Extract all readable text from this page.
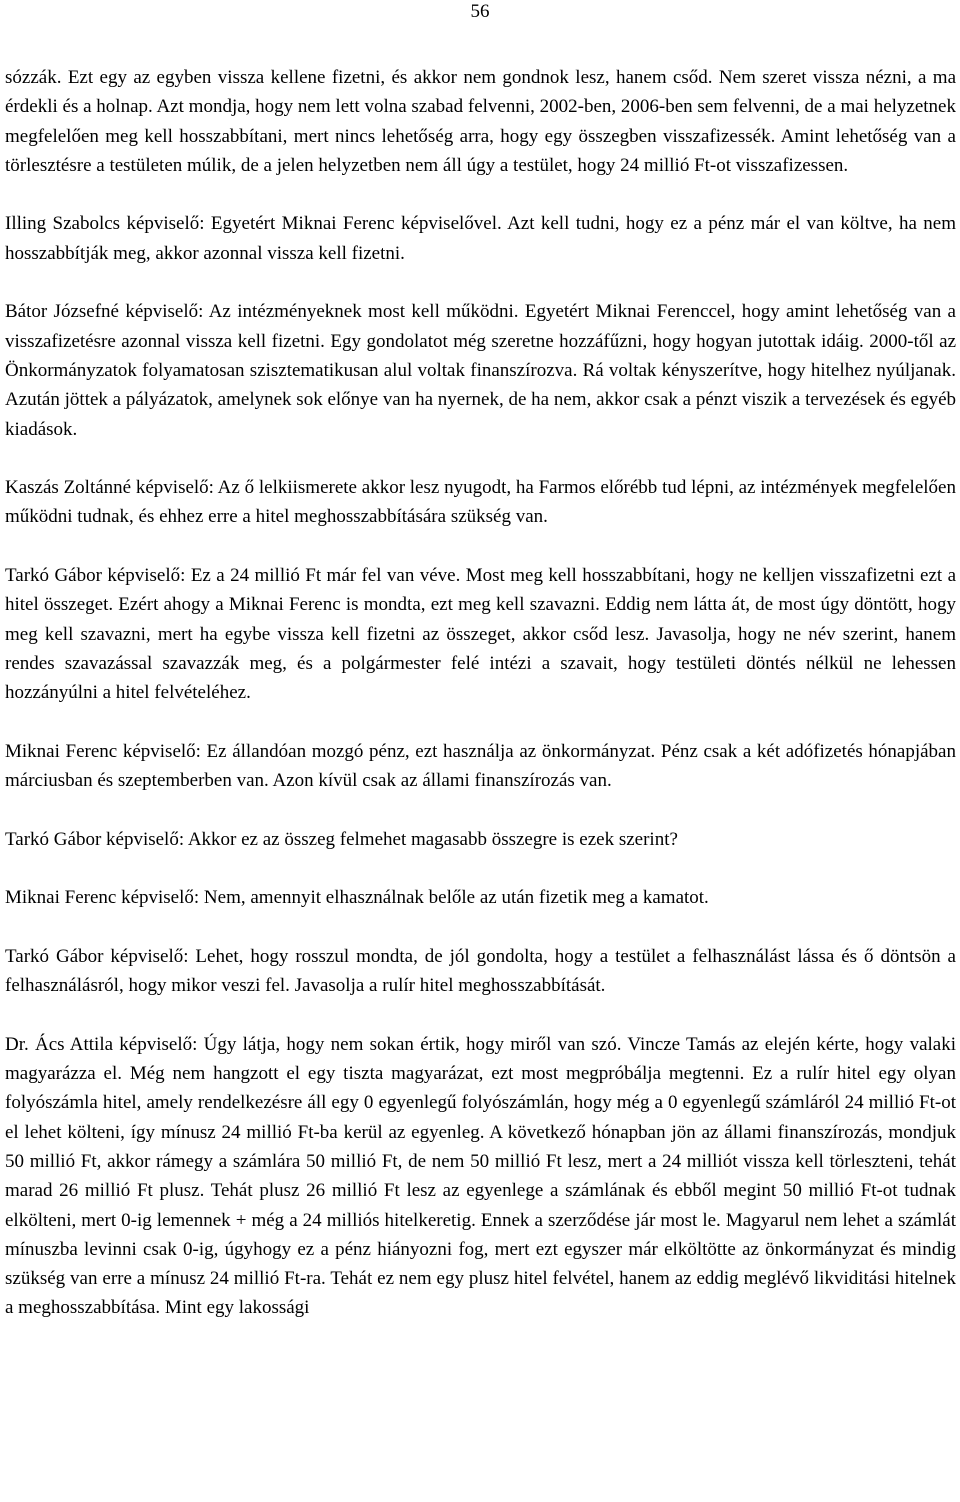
56

sózzák. Ezt egy az egyben vissza kellene fizetni, és akkor nem gondnok lesz, hanem csőd. Nem szeret vissza nézni, a ma érdekli és a holnap. Azt mondja, hogy nem lett volna szabad felvenni, 2002-ben, 2006-ben sem felvenni, de a mai helyzetnek megfelelően meg kell hosszabbítani, mert nincs lehetőség arra, hogy egy összegben visszafizessék. Amint lehetőség van a törlesztésre a testületen múlik, de a jelen helyzetben nem áll úgy a testület, hogy 24 millió Ft-ot visszafizessen.

Illing Szabolcs képviselő: Egyetért Miknai Ferenc képviselővel. Azt kell tudni, hogy ez a pénz már el van költve, ha nem hosszabbítják meg, akkor azonnal vissza kell fizetni.

Bátor Józsefné képviselő: Az intézményeknek most kell működni. Egyetért Miknai Ferenccel, hogy amint lehetőség van a visszafizetésre azonnal vissza kell fizetni. Egy gondolatot még szeretne hozzáfűzni, hogy hogyan jutottak idáig. 2000-től az Önkormányzatok folyamatosan szisztematikusan alul voltak finanszírozva. Rá voltak kényszerítve, hogy hitelhez nyúljanak. Azután jöttek a pályázatok, amelynek sok előnye van ha nyernek, de ha nem, akkor csak a pénzt viszik a tervezések és egyéb kiadások.

Kaszás Zoltánné képviselő: Az ő lelkiismerete akkor lesz nyugodt, ha Farmos előrébb tud lépni, az intézmények megfelelően működni tudnak, és ehhez erre a hitel meghosszabbítására szükség van.

Tarkó Gábor képviselő: Ez a 24 millió Ft már fel van véve. Most meg kell hosszabbítani, hogy ne kelljen visszafizetni ezt a hitel összeget. Ezért ahogy a Miknai Ferenc is mondta, ezt meg kell szavazni. Eddig nem látta át, de most úgy döntött, hogy meg kell szavazni, mert ha egybe vissza kell fizetni az összeget, akkor csőd lesz. Javasolja, hogy ne név szerint, hanem rendes szavazással szavazzák meg, és a polgármester felé intézi a szavait, hogy testületi döntés nélkül ne lehessen hozzányúlni a hitel felvételéhez.

Miknai Ferenc képviselő: Ez állandóan mozgó pénz, ezt használja az önkormányzat. Pénz csak a két adófizetés hónapjában márciusban és szeptemberben van. Azon kívül csak az állami finanszírozás van.

Tarkó Gábor képviselő: Akkor ez az összeg felmehet magasabb összegre is ezek szerint?

Miknai Ferenc képviselő: Nem, amennyit elhasználnak belőle az után fizetik meg a kamatot.

Tarkó Gábor képviselő: Lehet, hogy rosszul mondta, de jól gondolta, hogy a testület a felhasználást lássa és ő döntsön a felhasználásról, hogy mikor veszi fel. Javasolja a rulír hitel meghosszabbítását.

Dr. Ács Attila képviselő: Úgy látja, hogy nem sokan értik, hogy miről van szó. Vincze Tamás az elején kérte, hogy valaki magyarázza el. Még nem hangzott el egy tiszta magyarázat, ezt most megpróbálja megtenni. Ez a rulír hitel egy olyan folyószámla hitel, amely rendelkezésre áll egy 0 egyenlegű folyószámlán, hogy még a 0 egyenlegű számláról 24 millió Ft-ot el lehet költeni, így mínusz 24 millió Ft-ba kerül az egyenleg. A következő hónapban jön az állami finanszírozás, mondjuk 50 millió Ft, akkor rámegy a számlára 50 millió Ft, de nem 50 millió Ft lesz, mert a 24 milliót vissza kell törleszteni, tehát marad 26 millió Ft plusz. Tehát plusz 26 millió Ft lesz az egyenlege a számlának és ebből megint 50 millió Ft-ot tudnak elkölteni, mert 0-ig lemennek + még a 24 milliós hitelkeretig. Ennek a szerződése jár most le. Magyarul nem lehet a számlát mínuszba levinni csak 0-ig, úgyhogy ez a pénz hiányozni fog, mert ezt egyszer már elköltötte az önkormányzat és mindig szükség van erre a mínusz 24 millió Ft-ra. Tehát ez nem egy plusz hitel felvétel, hanem az eddig meglévő likviditási hitelnek a meghosszabbítása. Mint egy lakossági
